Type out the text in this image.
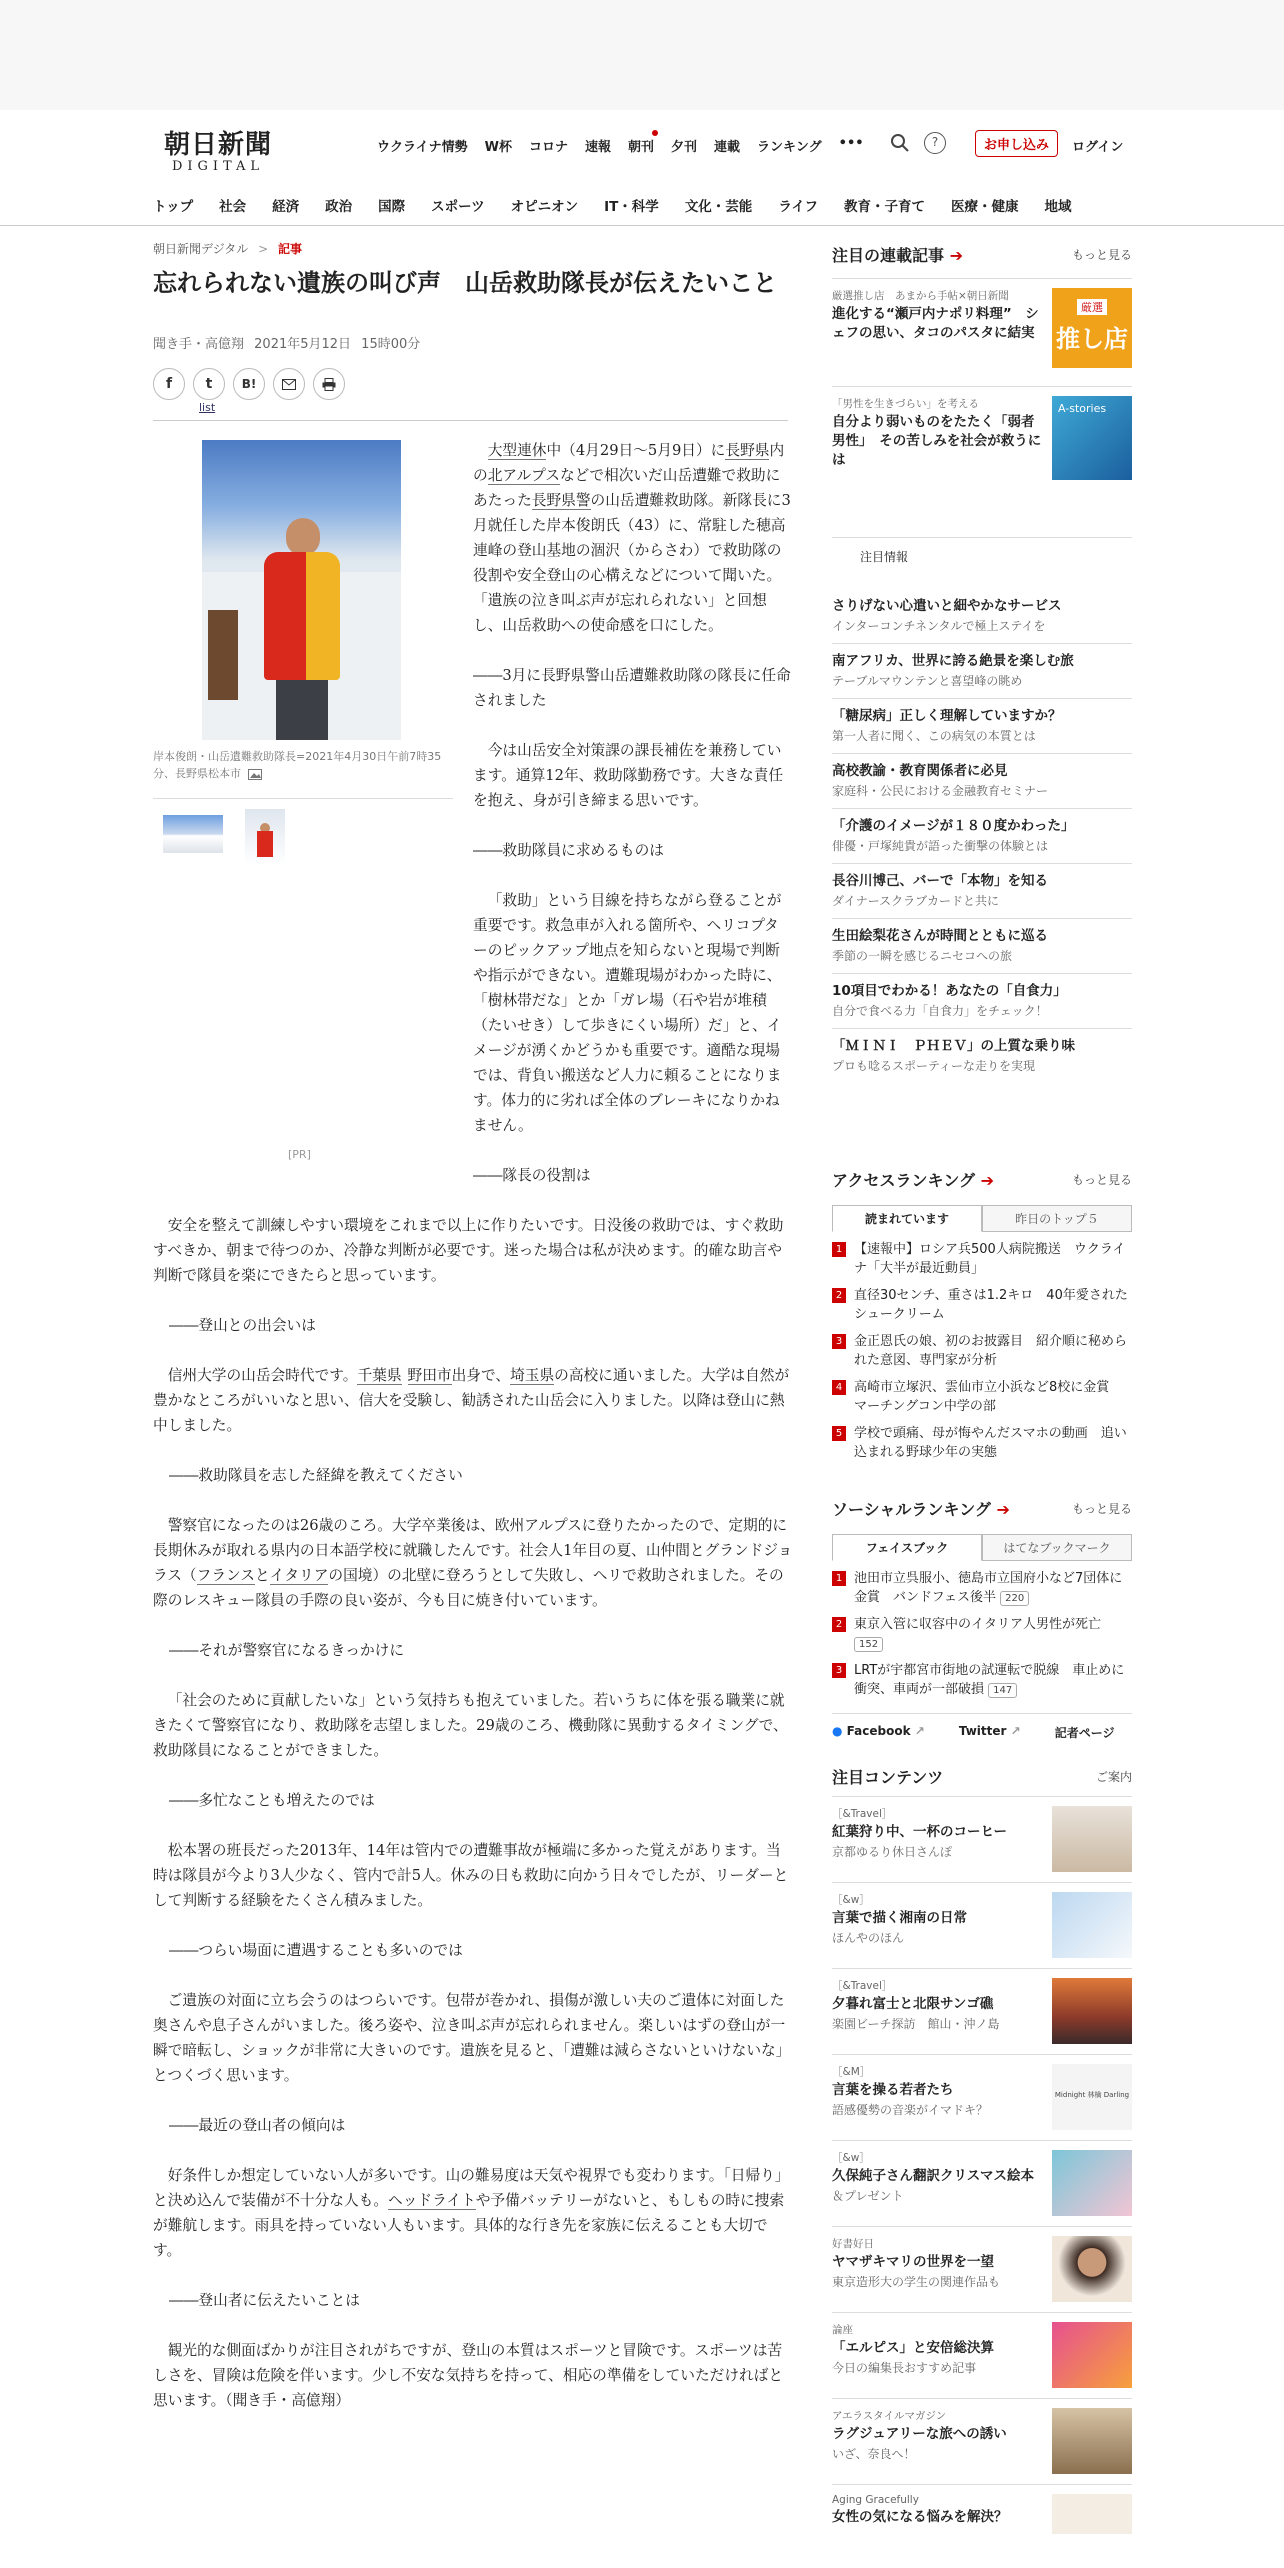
朝日新聞
DIGITAL
ウクライナ情勢 W杯 コロナ 速報 朝刊 夕刊 連載 ランキング •••	?	お申し込み	ログイン
トップ 社会 経済 政治 国際 スポーツ オピニオン IT・科学 文化・芸能 ライフ 教育・子育て 医療・健康 地域
朝日新聞デジタル > 記事
忘れられない遺族の叫び声　山岳救助隊長が伝えたいこと
聞き手・高億翔 2021年5月12日 15時00分
f	t	B!
list
岸本俊朗・山岳遺難救助隊長=2021年4月30日午前7時35分、長野県松本市
[PR]

大型連休中（4月29日～5月9日）に長野県内の北アルプスなどで相次いだ山岳遭難で救助にあたった長野県警の山岳遭難救助隊。新隊長に3月就任した岸本俊朗氏（43）に、常駐した穂高連峰の登山基地の涸沢（からさわ）で救助隊の役割や安全登山の心構えなどについて聞いた。「遺族の泣き叫ぶ声が忘れられない」と回想し、山岳救助への使命感を口にした。

――3月に長野県警山岳遭難救助隊の隊長に任命されました

今は山岳安全対策課の課長補佐を兼務しています。通算12年、救助隊勤務です。大きな責任を抱え、身が引き締まる思いです。

――救助隊員に求めるものは

「救助」という目線を持ちながら登ることが重要です。救急車が入れる箇所や、ヘリコプターのピックアップ地点を知らないと現場で判断や指示ができない。遭難現場がわかった時に、「樹林帯だな」とか「ガレ場（石や岩が堆積（たいせき）して歩きにくい場所）だ」と、イメージが湧くかどうかも重要です。適酷な現場では、背負い搬送など人力に頼ることになります。体力的に劣れば全体のブレーキになりかねません。

――隊長の役割は

安全を整えて訓練しやすい環境をこれまで以上に作りたいです。日没後の救助では、すぐ救助すべきか、朝まで待つのか、冷静な判断が必要です。迷った場合は私が決めます。的確な助言や判断で隊員を楽にできたらと思っています。

――登山との出会いは

信州大学の山岳会時代です。千葉県 野田市出身で、埼玉県の高校に通いました。大学は自然が豊かなところがいいなと思い、信大を受験し、勧誘された山岳会に入りました。以降は登山に熱中しました。

――救助隊員を志した経緯を教えてください

警察官になったのは26歳のころ。大学卒業後は、欧州アルプスに登りたかったので、定期的に長期休みが取れる県内の日本語学校に就職したんです。社会人1年目の夏、山仲間とグランドジョラス（フランスとイタリアの国境）の北壁に登ろうとして失敗し、ヘリで救助されました。その際のレスキュー隊員の手際の良い姿が、今も目に焼き付いています。

――それが警察官になるきっかけに

「社会のために貢献したいな」という気持ちも抱えていました。若いうちに体を張る職業に就きたくて警察官になり、救助隊を志望しました。29歳のころ、機動隊に異動するタイミングで、救助隊員になることができました。

――多忙なことも増えたのでは

松本署の班長だった2013年、14年は管内での遭難事故が極端に多かった覚えがあります。当時は隊員が今より3人少なく、管内で計5人。休みの日も救助に向かう日々でしたが、リーダーとして判断する経験をたくさん積みました。

――つらい場面に遭遇することも多いのでは

ご遺族の対面に立ち会うのはつらいです。包帯が巻かれ、損傷が激しい夫のご遺体に対面した奥さんや息子さんがいました。後ろ姿や、泣き叫ぶ声が忘れられません。楽しいはずの登山が一瞬で暗転し、ショックが非常に大きいのです。遺族を見ると、「遭難は減らさないといけないな」とつくづく思います。

――最近の登山者の傾向は

好条件しか想定していない人が多いです。山の難易度は天気や視界でも変わります。「日帰り」と決め込んで装備が不十分な人も。ヘッドライトや予備バッテリーがないと、もしもの時に捜索が難航します。雨具を持っていない人もいます。具体的な行き先を家族に伝えることも大切です。

――登山者に伝えたいことは

観光的な側面ばかりが注目されがちですが、登山の本質はスポーツと冒険です。スポーツは苦しさを、冒険は危険を伴います。少し不安な気持ちを持って、相応の準備をしていただければと思います。（聞き手・高億翔）

注目の連載記事 ➔	もっと見る
厳選推し店　あまから手帖×朝日新聞
進化する“瀬戸内ナポリ料理”　シェフの思い、タコのパスタに結実
厳選
推し店
「男性を生きづらい」を考える
自分より弱いものをたたく「弱者男性」　その苦しみを社会が救うには
A-stories
注目情報
さりげない心遣いと細やかなサービス
インターコンチネンタルで極上ステイを
南アフリカ、世界に誇る絶景を楽しむ旅
テーブルマウンテンと喜望峰の眺め
「糖尿病」正しく理解していますか？
第一人者に聞く、この病気の本質とは
高校教諭・教育関係者に必見
家庭科・公民における金融教育セミナー
「介護のイメージが１８０度かわった」
俳優・戸塚純貴が語った衝撃の体験とは
長谷川博己、バーで「本物」を知る
ダイナースクラブカードと共に
生田絵梨花さんが時間とともに巡る
季節の一瞬を感じるニセコへの旅
10項目でわかる！あなたの「自食力」
自分で食べる力「自食力」をチェック！
「ＭＩＮＩ　ＰＨＥＶ」の上質な乗り味
プロも唸るスポーティーな走りを実現
アクセスランキング ➔	もっと見る
読まれています	昨日のトップ５
1 【速報中】ロシア兵500人病院搬送　ウクライナ「大半が最近動員」
2 直径30センチ、重さは1.2キロ　40年愛されたシュークリーム
3 金正恩氏の娘、初のお披露目　紹介順に秘められた意図、専門家が分析
4 高崎市立塚沢、雲仙市立小浜など8校に金賞　マーチングコン中学の部
5 学校で頭痛、母が悔やんだスマホの動画　追い込まれる野球少年の実態
ソーシャルランキング ➔	もっと見る
フェイスブック	はてなブックマーク
1 池田市立呉服小、徳島市立国府小など7団体に金賞　バンドフェス後半 220
2 東京入管に収容中のイタリア人男性が死亡 152
3 LRTが宇都宮市街地の試運転で脱線　車止めに衝突、車両が一部破損 147
● Facebook ↗	Twitter ↗	記者ページ
注目コンテンツ	ご案内
［&Travel］
紅葉狩り中、一杯のコーヒー
京都ゆるり休日さんぽ
［&w］
言葉で描く湘南の日常
ほんやのほん
［&Travel］
夕暮れ富士と北限サンゴ礁
楽園ビーチ探訪　館山・沖ノ島
［&M］
言葉を操る若者たち
語感優勢の音楽がイマドキ？
Midnight 林檎 Darling
［&w］
久保純子さん翻訳クリスマス絵本
＆プレゼント
好書好日
ヤマザキマリの世界を一望
東京造形大の学生の関連作品も
論座
「エルピス」と安倍総決算
今日の編集長おすすめ記事
アエラスタイルマガジン
ラグジュアリーな旅への誘い
いざ、奈良へ！
Aging Gracefully
女性の気になる悩みを解決？
